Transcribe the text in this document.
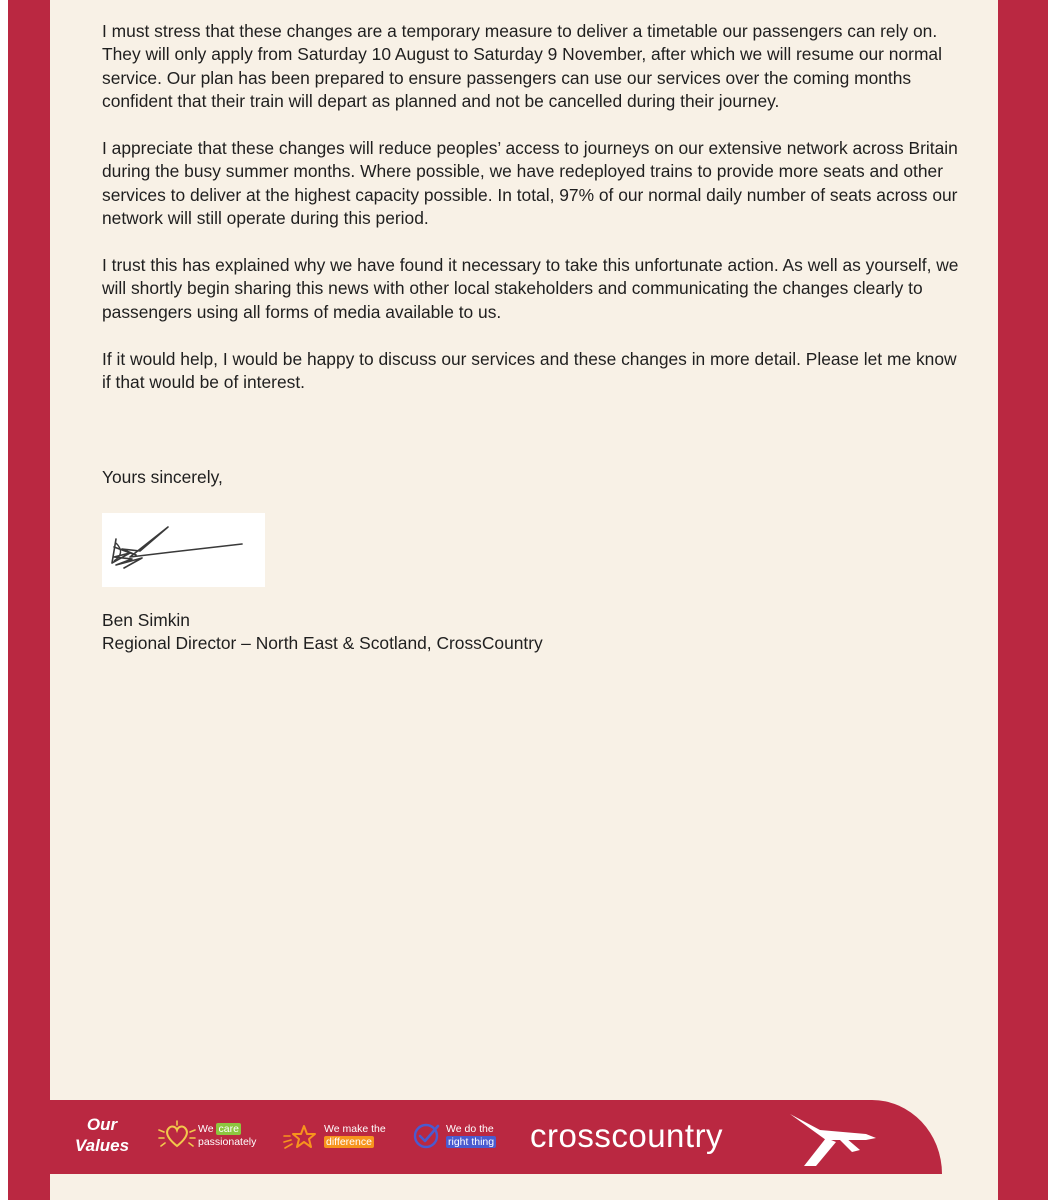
I must stress that these changes are a temporary measure to deliver a timetable our passengers can rely on. They will only apply from Saturday 10 August to Saturday 9 November, after which we will resume our normal service. Our plan has been prepared to ensure passengers can use our services over the coming months confident that their train will depart as planned and not be cancelled during their journey.

I appreciate that these changes will reduce peoples’ access to journeys on our extensive network across Britain during the busy summer months. Where possible, we have redeployed trains to provide more seats and other services to deliver at the highest capacity possible. In total, 97% of our normal daily number of seats across our network will still operate during this period.

I trust this has explained why we have found it necessary to take this unfortunate action. As well as yourself, we will shortly begin sharing this news with other local stakeholders and communicating the changes clearly to passengers using all forms of media available to us.

If it would help, I would be happy to discuss our services and these changes in more detail. Please let me know if that would be of interest.

Yours sincerely,
Ben Simkin
Regional Director – North East & Scotland, CrossCountry
Our
Values
We care
passionately
We make the
difference
We do the
right thing crosscountry
